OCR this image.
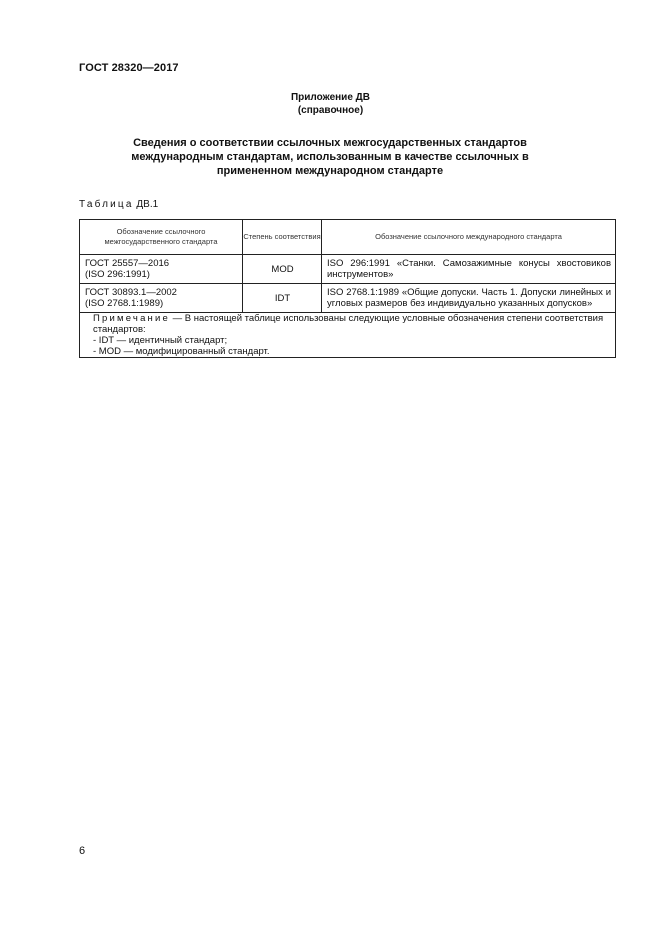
ГОСТ 28320—2017
Приложение ДВ
(справочное)
Сведения о соответствии ссылочных межгосударственных стандартов международным стандартам, использованным в качестве ссылочных в примененном международном стандарте
Таблица ДВ.1
Обозначение ссылочного межгосударственного стандарта	Степень соответствия	Обозначение ссылочного международного стандарта

ГОСТ 25557—2016
(ISO 296:1991)	MOD	ISO 296:1991 «Станки. Самозажимные конусы хвостовиков инструментов»

ГОСТ 30893.1—2002
(ISO 2768.1:1989)	IDT	ISO 2768.1:1989 «Общие допуски. Часть 1. Допуски линейных и угловых размеров без индивидуально указанных допусков»

Примечание — В настоящей таблице использованы следующие условные обозначения степени соответствия стандартов:
- IDT — идентичный стандарт;
- MOD — модифицированный стандарт.		
6
